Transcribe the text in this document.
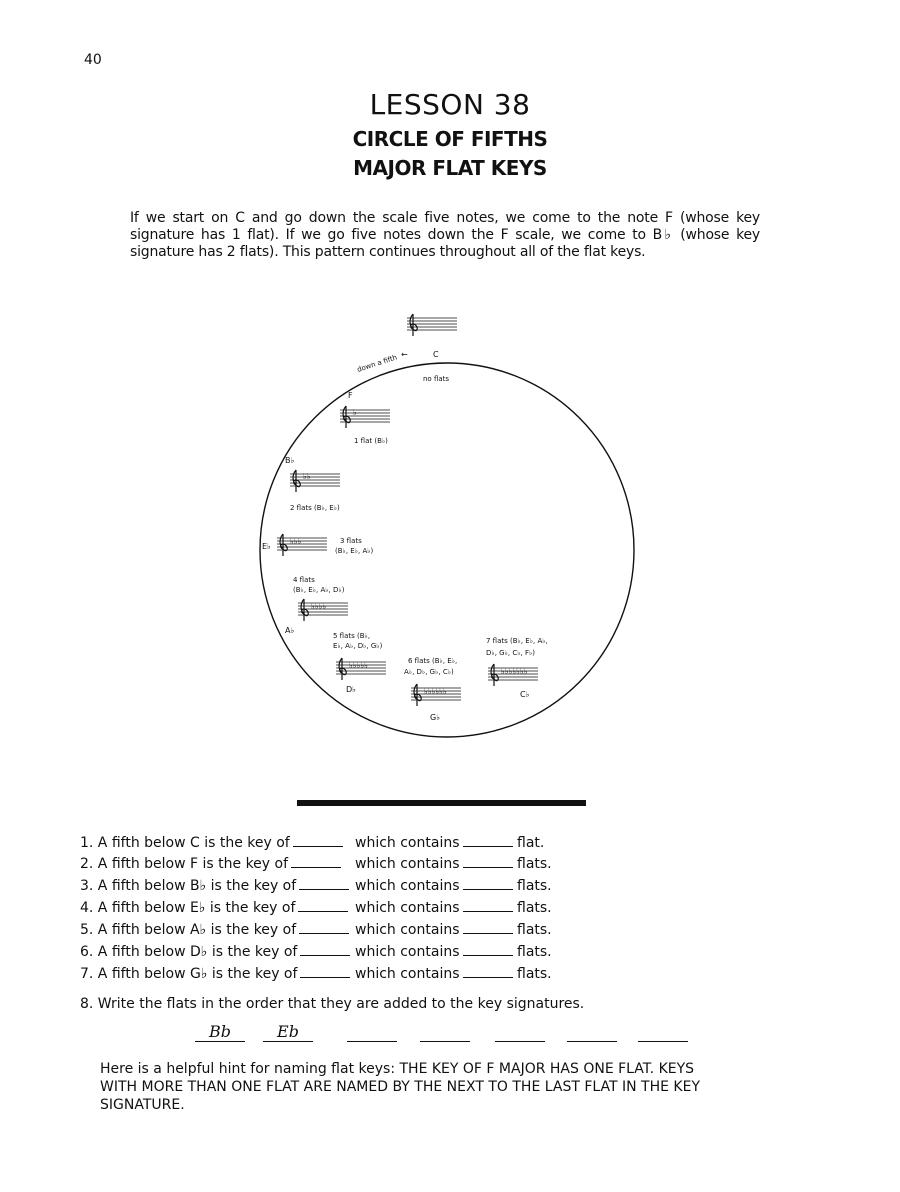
40
LESSON 38
CIRCLE OF FIFTHS
MAJOR FLAT KEYS
If we start on C and go down the scale five notes, we come to the note F (whose key signature has 1 flat). If we go five notes down the F scale, we come to B♭ (whose key signature has 2 flats). This pattern continues throughout all of the flat keys.
C
←
down a fifth
no flats
F
♭
1 flat (B♭)
B♭
♭♭
2 flats (B♭, E♭)
E♭
♭♭♭	3 flats
(B♭, E♭, A♭)
4 flats
(B♭, E♭, A♭, D♭)
♭♭♭♭
A♭
5 flats (B♭,
E♭, A♭, D♭, G♭)
♭♭♭♭♭
D♭
6 flats (B♭, E♭,
A♭, D♭, G♭, C♭)
♭♭♭♭♭♭
G♭
7 flats (B♭, E♭, A♭,
D♭, G♭, C♭, F♭)
♭♭♭♭♭♭♭
C♭
1. A fifth below C is the key of	which contains	flat.
2. A fifth below F is the key of	which contains	flats.
3. A fifth below B♭ is the key of	which contains	flats.
4. A fifth below E♭ is the key of	which contains	flats.
5. A fifth below A♭ is the key of	which contains	flats.
6. A fifth below D♭ is the key of	which contains	flats.
7. A fifth below G♭ is the key of	which contains	flats.
8. Write the flats in the order that they are added to the key signatures.
Bb	Eb
Here is a helpful hint for naming flat keys: THE KEY OF F MAJOR HAS ONE FLAT. KEYS WITH MORE THAN ONE FLAT ARE NAMED BY THE NEXT TO THE LAST FLAT IN THE KEY SIGNATURE.
